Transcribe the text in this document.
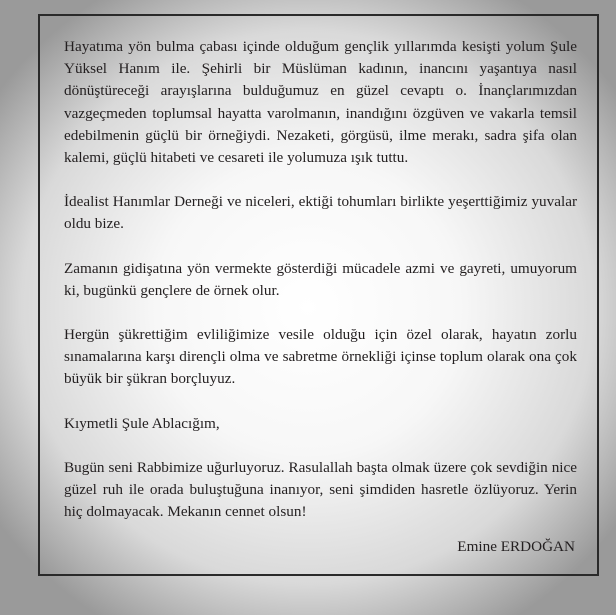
Hayatıma yön bulma çabası içinde olduğum gençlik yıllarımda kesişti yolum Şule Yüksel Hanım ile. Şehirli bir Müslüman kadının, inancını yaşantıya nasıl dönüştüreceği arayışlarına bulduğumuz en güzel cevaptı o. İnançlarımızdan vazgeçmeden toplumsal hayatta varolmanın, inandığını özgüven ve vakarla temsil edebilmenin güçlü bir örneğiydi. Nezaketi, görgüsü, ilme merakı, sadra şifa olan kalemi, güçlü hitabeti ve cesareti ile yolumuza ışık tuttu.

İdealist Hanımlar Derneği ve niceleri, ektiği tohumları birlikte yeşerttiğimiz yuvalar oldu bize.

Zamanın gidişatına yön vermekte gösterdiği mücadele azmi ve gayreti, umuyorum ki, bugünkü gençlere de örnek olur.

Hergün şükrettiğim evliliğimize vesile olduğu için özel olarak, hayatın zorlu sınamalarına karşı dirençli olma ve sabretme örnekliği içinse toplum olarak ona çok büyük bir şükran borçluyuz.

Kıymetli Şule Ablacığım,

Bugün seni Rabbimize uğurluyoruz. Rasulallah başta olmak üzere çok sevdiğin nice güzel ruh ile orada buluştuğuna inanıyor, seni şimdiden hasretle özlüyoruz. Yerin hiç dolmayacak. Mekanın cennet olsun!

Emine ERDOĞAN
